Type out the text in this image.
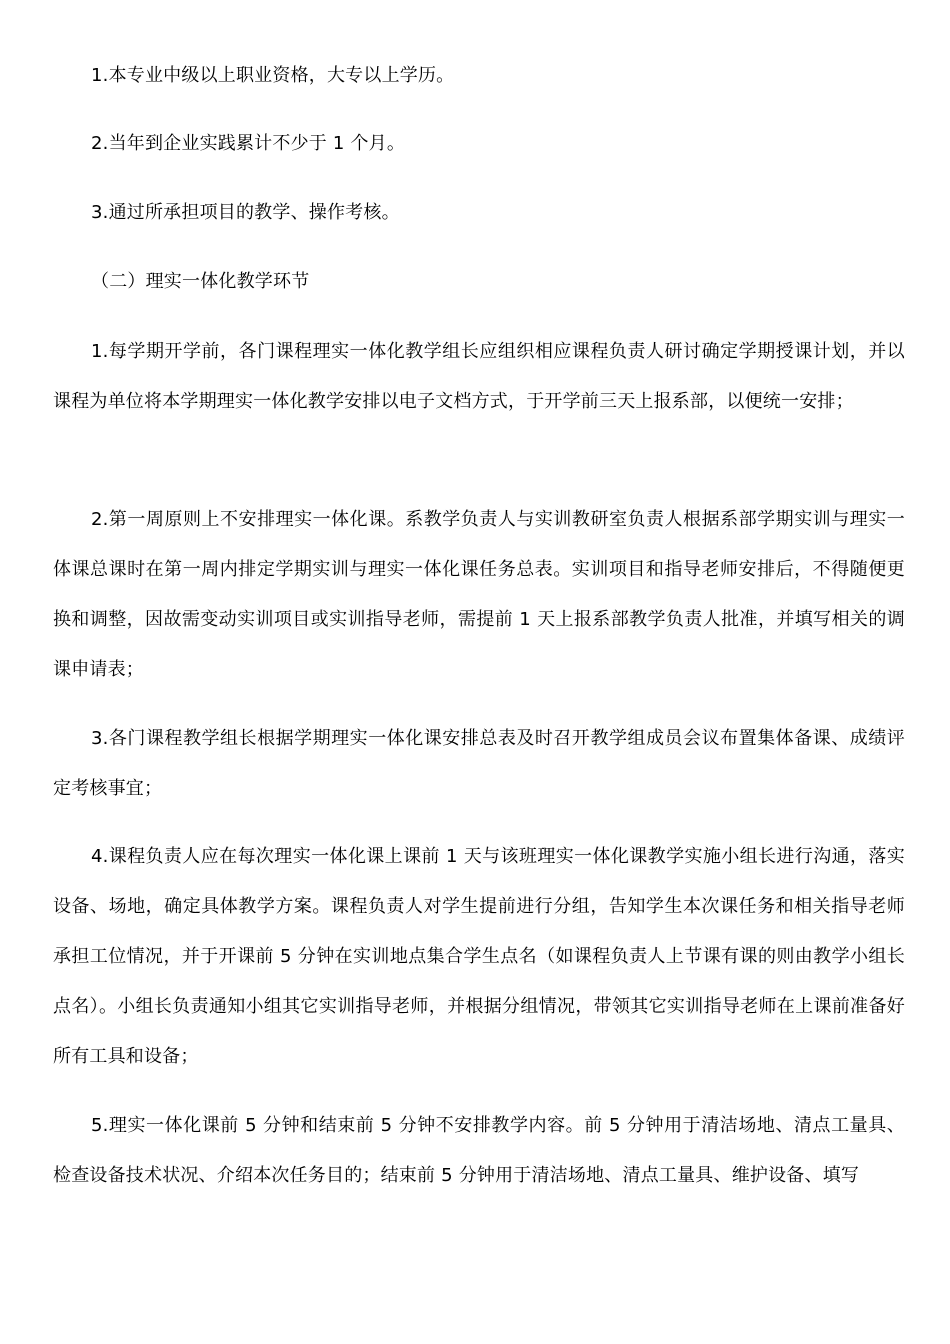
1.本专业中级以上职业资格，大专以上学历。

2.当年到企业实践累计不少于 1 个月。

3.通过所承担项目的教学、操作考核。

（二）理实一体化教学环节

1.每学期开学前，各门课程理实一体化教学组长应组织相应课程负责人研讨确定学期授课计划，并以课程为单位将本学期理实一体化教学安排以电子文档方式，于开学前三天上报系部，以便统一安排；

2.第一周原则上不安排理实一体化课。系教学负责人与实训教研室负责人根据系部学期实训与理实一体课总课时在第一周内排定学期实训与理实一体化课任务总表。实训项目和指导老师安排后，不得随便更换和调整，因故需变动实训项目或实训指导老师，需提前 1 天上报系部教学负责人批准，并填写相关的调课申请表；

3.各门课程教学组长根据学期理实一体化课安排总表及时召开教学组成员会议布置集体备课、成绩评定考核事宜；

4.课程负责人应在每次理实一体化课上课前 1 天与该班理实一体化课教学实施小组长进行沟通，落实设备、场地，确定具体教学方案。课程负责人对学生提前进行分组，告知学生本次课任务和相关指导老师承担工位情况，并于开课前 5 分钟在实训地点集合学生点名（如课程负责人上节课有课的则由教学小组长点名）。小组长负责通知小组其它实训指导老师，并根据分组情况，带领其它实训指导老师在上课前准备好所有工具和设备；

5.理实一体化课前 5 分钟和结束前 5 分钟不安排教学内容。前 5 分钟用于清洁场地、清点工量具、检查设备技术状况、介绍本次任务目的；结束前 5 分钟用于清洁场地、清点工量具、维护设备、填写
